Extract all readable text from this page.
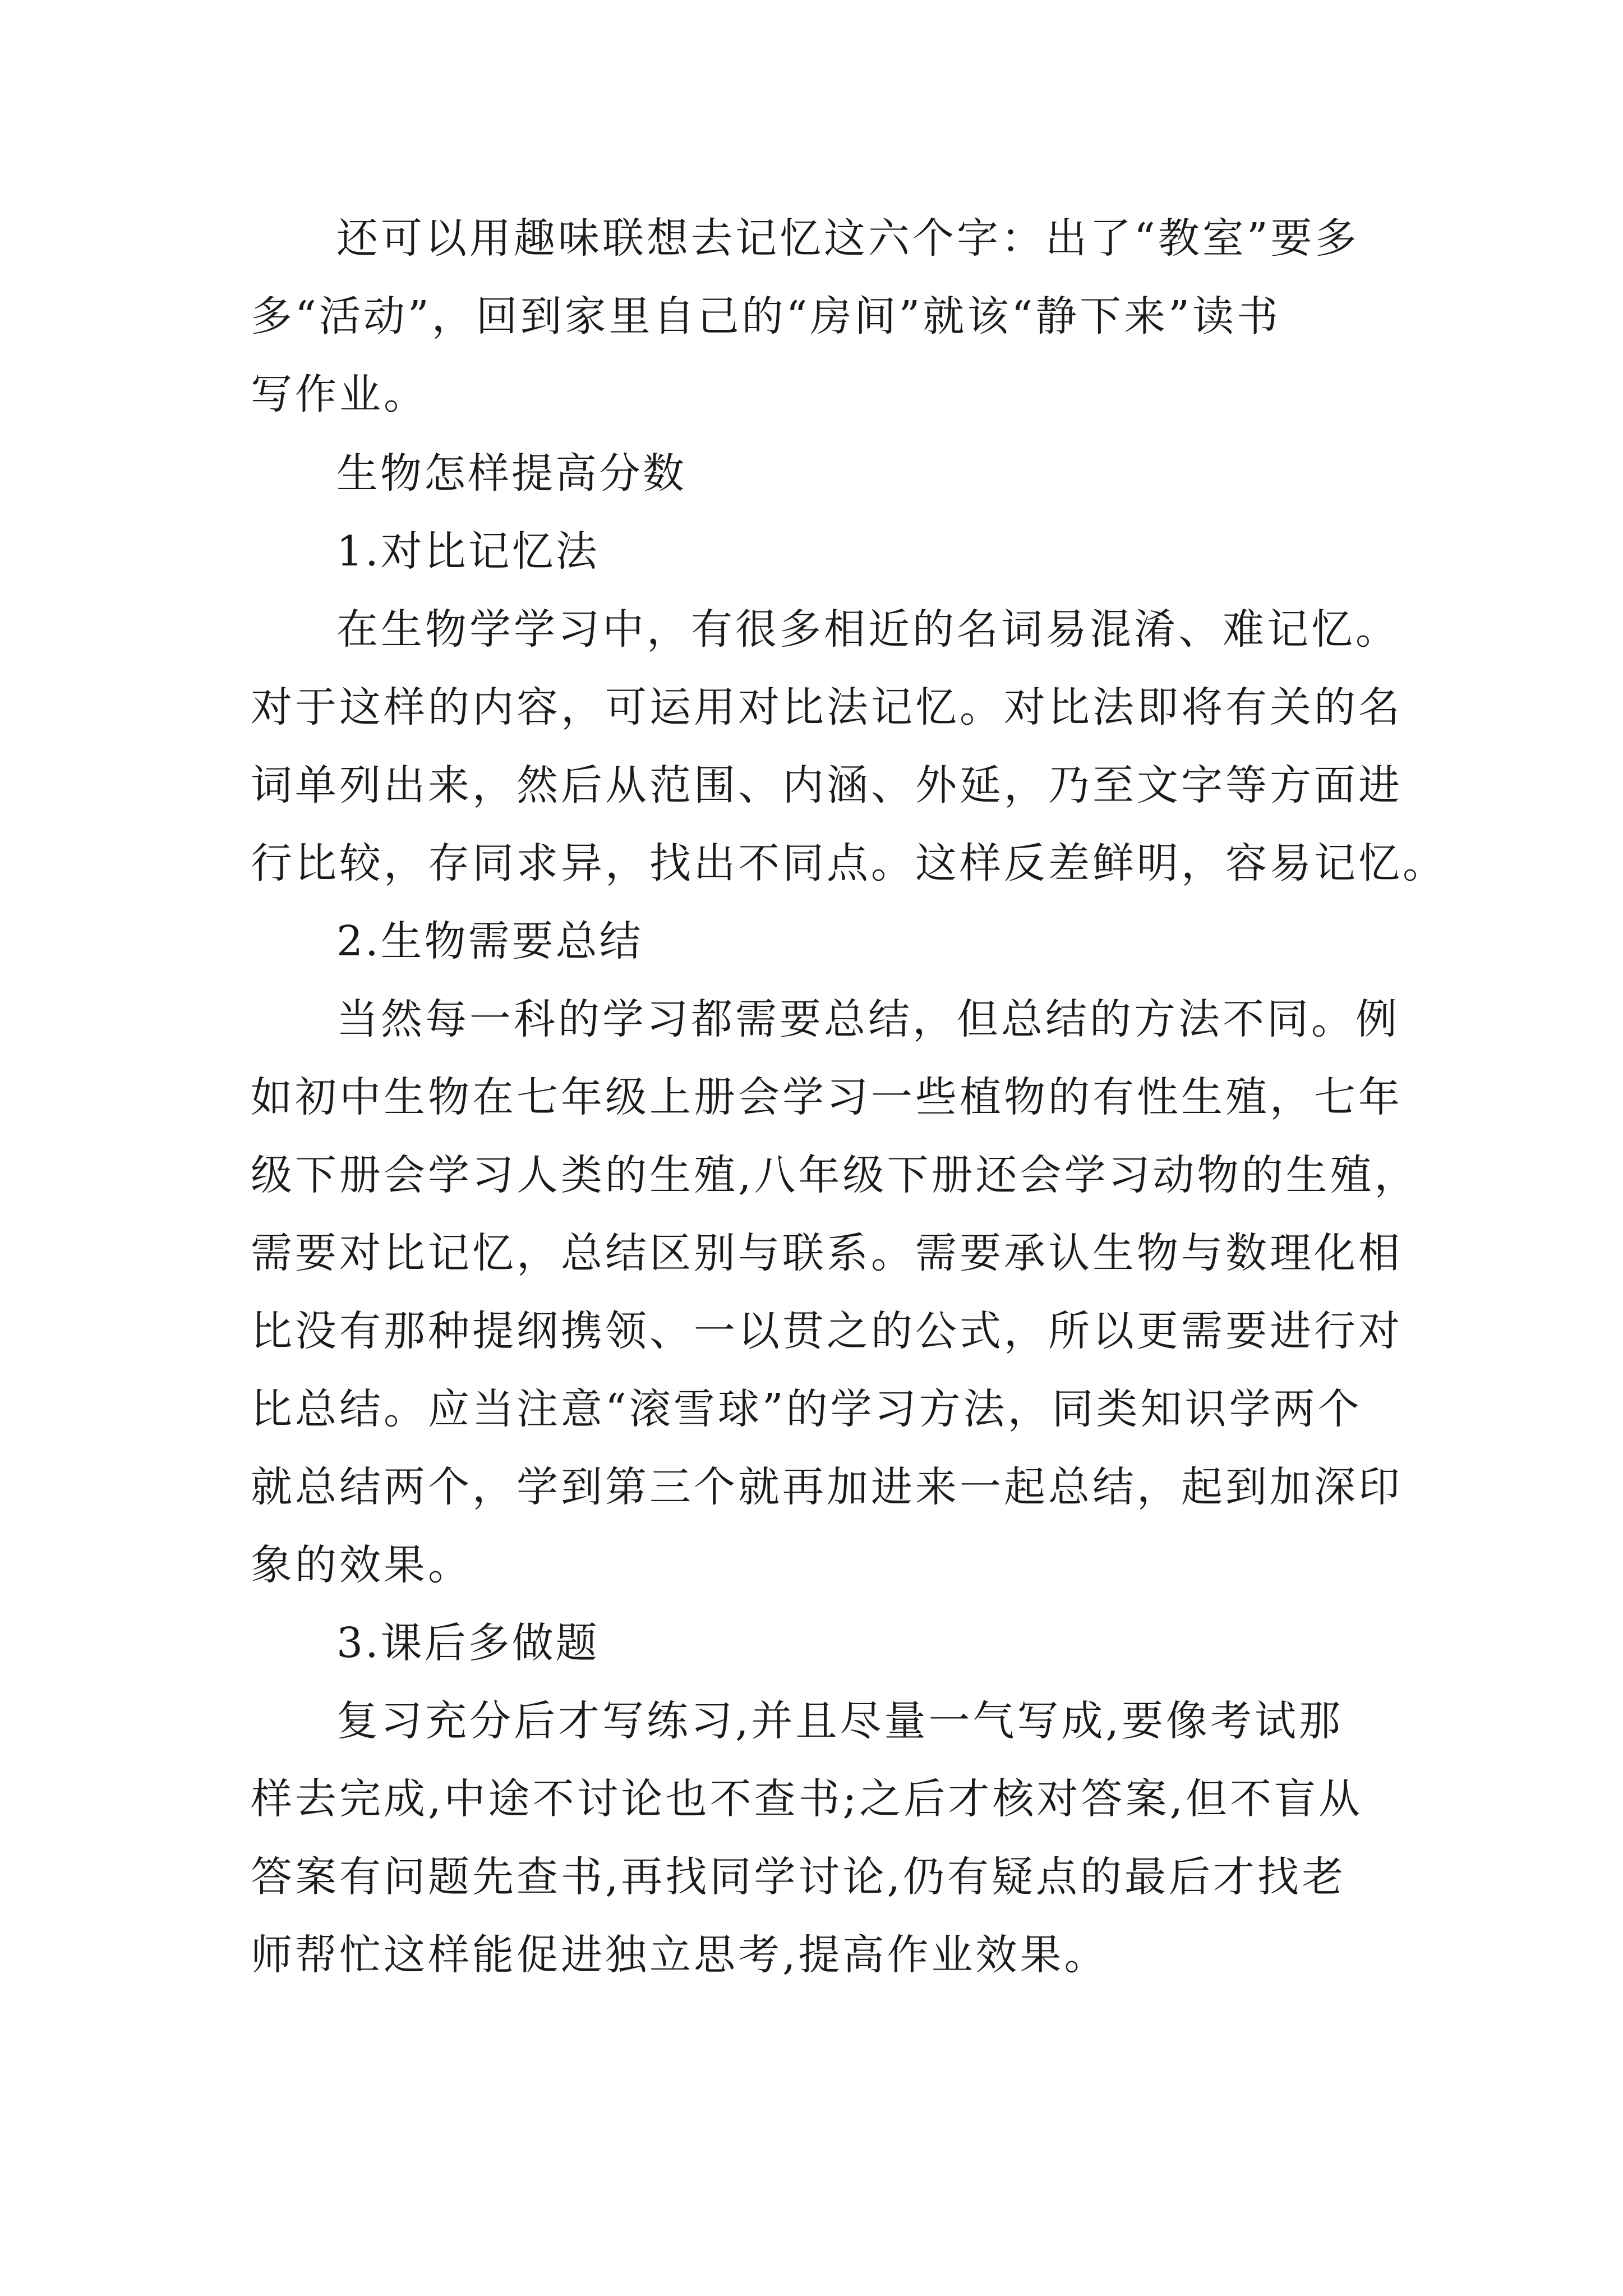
还可以用趣味联想去记忆这六个字：出了“教室”要多
多“活动”，回到家里自己的“房间”就该“静下来”读书
写作业。
生物怎样提高分数
1.对比记忆法
在生物学学习中，有很多相近的名词易混淆、难记忆。
对于这样的内容，可运用对比法记忆。对比法即将有关的名
词单列出来，然后从范围、内涵、外延，乃至文字等方面进
行比较，存同求异，找出不同点。这样反差鲜明，容易记忆。
2.生物需要总结
当然每一科的学习都需要总结，但总结的方法不同。例
如初中生物在七年级上册会学习一些植物的有性生殖，七年
级下册会学习人类的生殖,八年级下册还会学习动物的生殖，
需要对比记忆，总结区别与联系。需要承认生物与数理化相
比没有那种提纲携领、一以贯之的公式，所以更需要进行对
比总结。应当注意“滚雪球”的学习方法，同类知识学两个
就总结两个，学到第三个就再加进来一起总结，起到加深印
象的效果。
3.课后多做题
复习充分后才写练习,并且尽量一气写成,要像考试那
样去完成,中途不讨论也不查书;之后才核对答案,但不盲从
答案有问题先查书,再找同学讨论,仍有疑点的最后才找老
师帮忙这样能促进独立思考,提高作业效果。
